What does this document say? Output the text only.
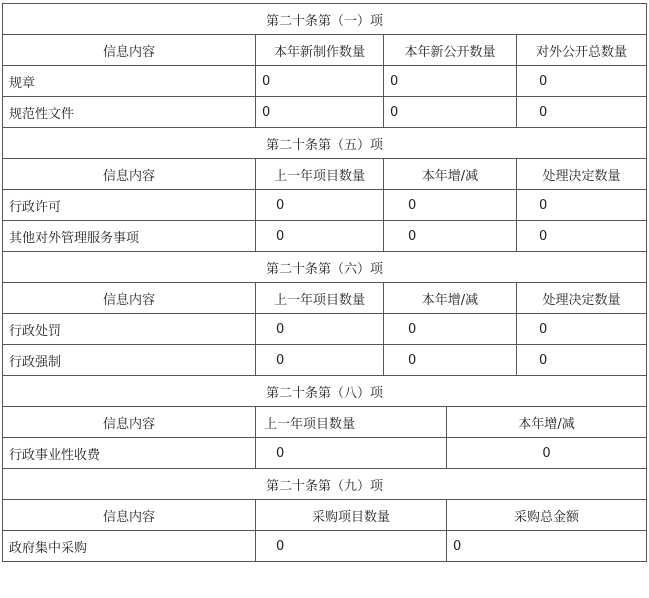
第二十条第（一）项				
信息内容	本年新制作数量	本年新公开数量		对外公开总数量
规章	0	0		0
规范性文件	0	0		0
第二十条第（五）项				
信息内容	上一年项目数量	本年增/减		处理决定数量
行政许可	0	0		0
其他对外管理服务事项	0	0		0
第二十条第（六）项				
信息内容	上一年项目数量	本年增/减		处理决定数量
行政处罚	0	0		0
行政强制	0	0		0
第二十条第（八）项				
信息内容	上一年项目数量		本年增/减	
行政事业性收费	0		0	
第二十条第（九）项				
信息内容	采购项目数量		采购总金额	
政府集中采购	0		0	
